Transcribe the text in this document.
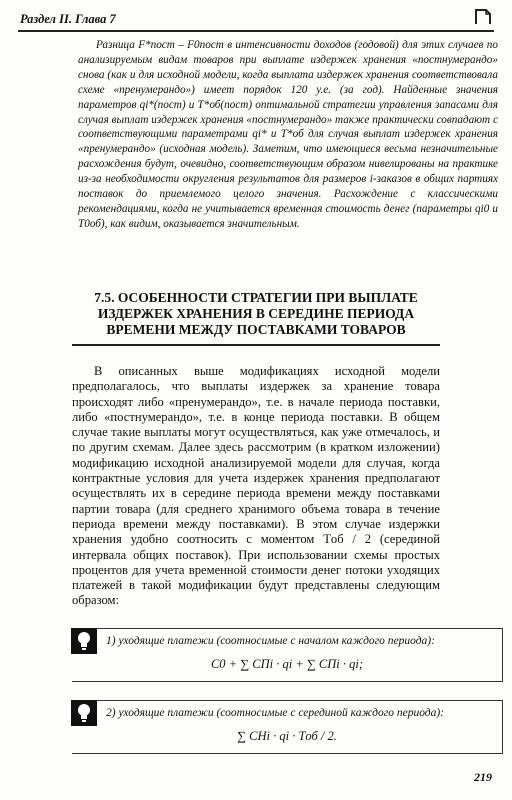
Раздел II. Глава 7

Разница F*пост – F0пост в интенсивности доходов (годовой) для этих случаев по анализируемым видам товаров при выплате издержек хранения «постнумерандо» снова (как и для исходной модели, когда выплата издержек хранения соответствовала схеме «пренумерандо») имеет порядок 120 у.е. (за год). Найденные значения параметров qi*(пост) и T*об(пост) оптимальной стратегии управления запасами для случая выплат издержек хранения «постнумерандо» также практически совпадают с соответствующими параметрами qi* и T*об для случая выплат издержек хранения «пренумерандо» (исходная модель). Заметим, что имеющиеся весьма незначительные расхождения будут, очевидно, соответствующим образом нивелированы на практике из-за необходимости округления результатов для размеров i-заказов в общих партиях поставок до приемлемого целого значения. Расхождение с классическими рекомендациями, когда не учитывается временная стоимость денег (параметры qi0 и T0об), как видим, оказывается значительным.

7.5. ОСОБЕННОСТИ СТРАТЕГИИ ПРИ ВЫПЛАТЕ ИЗДЕРЖЕК ХРАНЕНИЯ В СЕРЕДИНЕ ПЕРИОДА ВРЕМЕНИ МЕЖДУ ПОСТАВКАМИ ТОВАРОВ

В описанных выше модификациях исходной модели предполагалось, что выплаты издержек за хранение товара происходят либо «пренумерандо», т.е. в начале периода поставки, либо «постнумерандо», т.е. в конце периода поставки. В общем случае такие выплаты могут осуществляться, как уже отмечалось, и по другим схемам. Далее здесь рассмотрим (в кратком изложении) модификацию исходной анализируемой модели для случая, когда контрактные условия для учета издержек хранения предполагают осуществлять их в середине периода времени между поставками партии товара (для среднего хранимого объема товара в течение периода времени между поставками). В этом случае издержки хранения удобно соотносить с моментом Tоб / 2 (серединой интервала общих поставок). При использовании схемы простых процентов для учета временной стоимости денег потоки уходящих платежей в такой модификации будут представлены следующим образом:

1) уходящие платежи (соотносимые с началом каждого периода):
C0 + ∑ CПi · qi + ∑ CПi · qi;
2) уходящие платежи (соотносимые с серединой каждого периода):
∑ CHi · qi · Tоб / 2.
219
